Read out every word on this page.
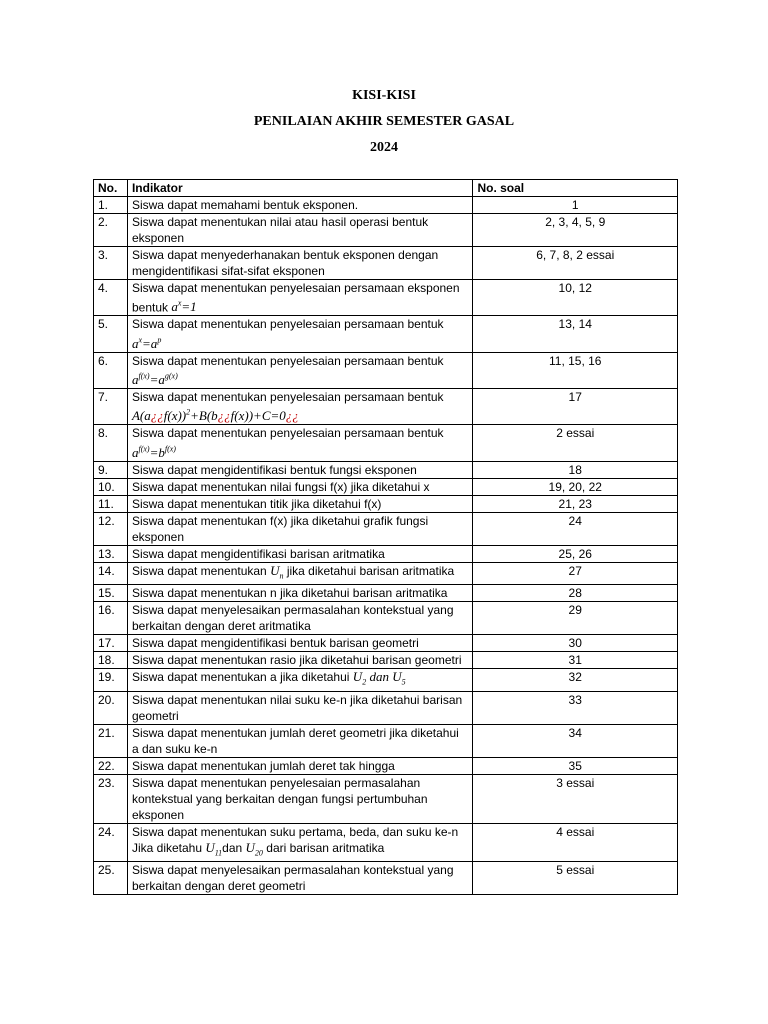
KISI-KISI
PENILAIAN AKHIR SEMESTER GASAL
2024
No.	Indikator	No. soal
1.	Siswa dapat memahami bentuk eksponen.	1
2.	Siswa dapat menentukan nilai atau hasil operasi bentuk eksponen	2, 3, 4, 5, 9
3.	Siswa dapat menyederhanakan bentuk eksponen dengan mengidentifikasi sifat-sifat eksponen	6, 7, 8, 2 essai
4.	Siswa dapat menentukan penyelesaian persamaan eksponen bentuk $a^x=1$	10, 12
5.	Siswa dapat menentukan penyelesaian persamaan bentuk $a^x=a^p$	13, 14
6.	Siswa dapat menentukan penyelesaian persamaan bentuk $a^{f(x)}=a^{g(x)}$	11, 15, 16
7.	Siswa dapat menentukan penyelesaian persamaan bentuk A(a¿¿f(x))$^2$+B(b¿¿f(x))+C=0¿¿	17
8.	Siswa dapat menentukan penyelesaian persamaan bentuk $a^{f(x)}=b^{f(x)}$	2 essai
9.	Siswa dapat mengidentifikasi bentuk fungsi eksponen	18
10.	Siswa dapat menentukan nilai fungsi f(x) jika diketahui x	19, 20, 22
11.	Siswa dapat menentukan titik jika diketahui f(x)	21, 23
12.	Siswa dapat menentukan f(x) jika diketahui grafik fungsi eksponen	24
13.	Siswa dapat mengidentifikasi barisan aritmatika	25, 26
14.	Siswa dapat menentukan $U_n$ jika diketahui barisan aritmatika	27
15.	Siswa dapat menentukan n jika diketahui barisan aritmatika	28
16.	Siswa dapat menyelesaikan permasalahan kontekstual yang berkaitan dengan deret aritmatika	29
17.	Siswa dapat mengidentifikasi bentuk barisan geometri	30
18.	Siswa dapat menentukan rasio jika diketahui barisan geometri	31
19.	Siswa dapat menentukan a jika diketahui $U_2$ dan $U_5$	32
20.	Siswa dapat menentukan nilai suku ke-n jika diketahui barisan geometri	33
21.	Siswa dapat menentukan jumlah deret geometri jika diketahui a dan suku ke-n	34
22.	Siswa dapat menentukan jumlah deret tak hingga	35
23.	Siswa dapat menentukan penyelesaian permasalahan kontekstual yang berkaitan dengan fungsi pertumbuhan eksponen	3 essai
24.	Siswa dapat menentukan suku pertama, beda, dan suku ke-n Jika diketahu $U_{11}dan$ $U_{20}$ dari barisan aritmatika	4 essai
25.	Siswa dapat menyelesaikan permasalahan kontekstual yang berkaitan dengan deret geometri	5 essai
